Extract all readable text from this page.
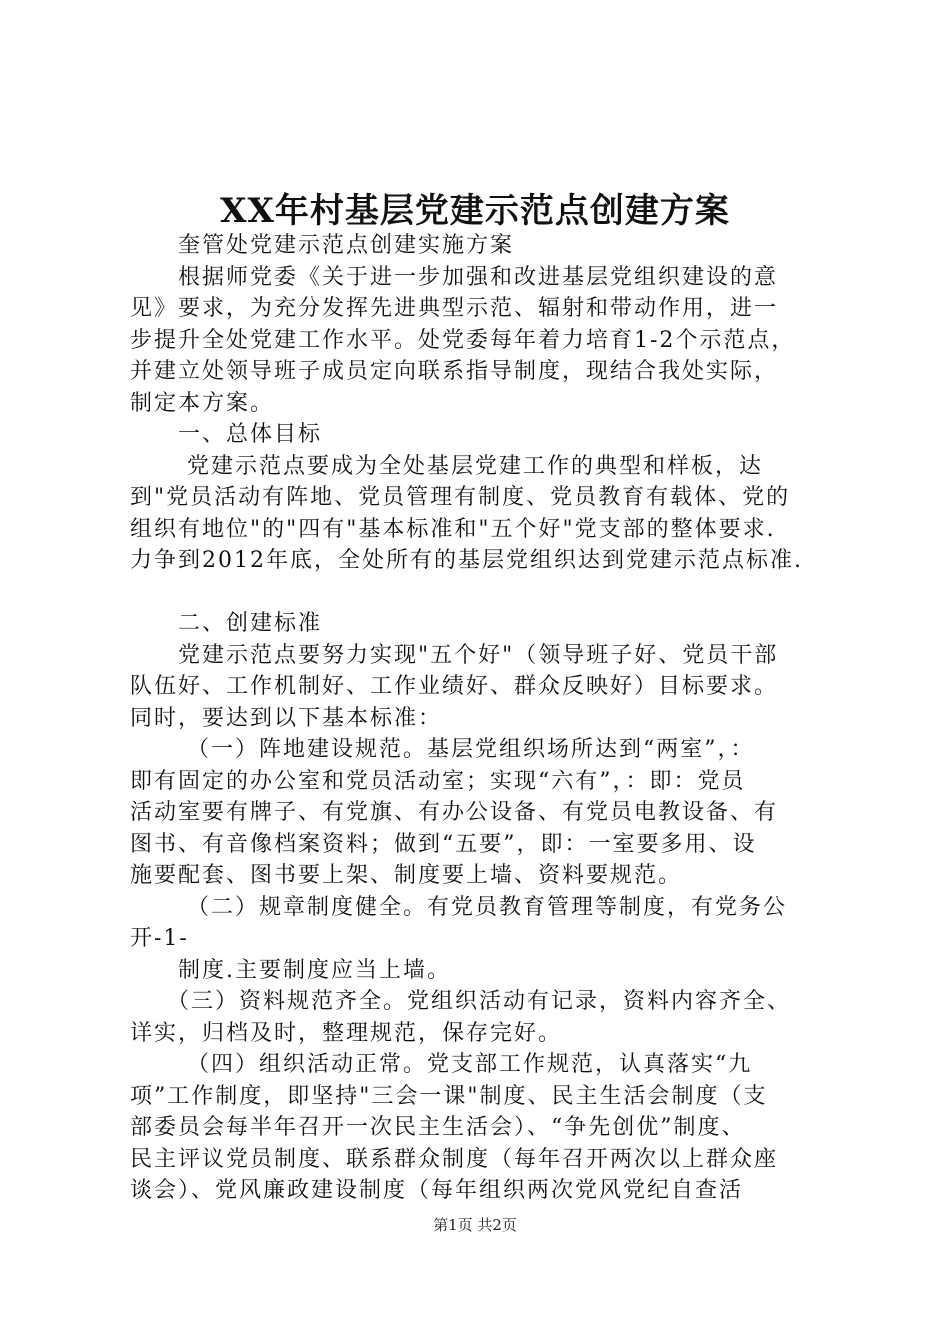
XX年村基层党建示范点创建方案
　　奎管处党建示范点创建实施方案
　　根据师党委《关于进一步加强和改进基层党组织建设的意
见》要求，为充分发挥先进典型示范、辐射和带动作用，进一
步提升全处党建工作水平。处党委每年着力培育1-2个示范点，
并建立处领导班子成员定向联系指导制度，现结合我处实际，
制定本方案。
　　一、总体目标
　　 党建示范点要成为全处基层党建工作的典型和样板，达
到"党员活动有阵地、党员管理有制度、党员教育有载体、党的
组织有地位"的"四有"基本标准和"五个好"党支部的整体要求.
力争到2012年底，全处所有的基层党组织达到党建示范点标准.
　　二、创建标准
　　党建示范点要努力实现"五个好"（领导班子好、党员干部
队伍好、工作机制好、工作业绩好、群众反映好）目标要求。
同时，要达到以下基本标准：
　　 （一）阵地建设规范。基层党组织场所达到“两室”，：
即有固定的办公室和党员活动室；实现“六有”，：即：党员
活动室要有牌子、有党旗、有办公设备、有党员电教设备、有
图书、有音像档案资料；做到“五要”，即：一室要多用、设
施要配套、图书要上架、制度要上墙、资料要规范。
　　 （二）规章制度健全。有党员教育管理等制度，有党务公
开-1-
　　制度.主要制度应当上墙。
　　（三）资料规范齐全。党组织活动有记录，资料内容齐全、
详实，归档及时，整理规范，保存完好。
　　 （四）组织活动正常。党支部工作规范，认真落实“九
项”工作制度，即坚持"三会一课"制度、民主生活会制度（支
部委员会每半年召开一次民主生活会）、“争先创优”制度、
民主评议党员制度、联系群众制度（每年召开两次以上群众座
谈会）、党风廉政建设制度（每年组织两次党风党纪自查活
第1页 共2页
